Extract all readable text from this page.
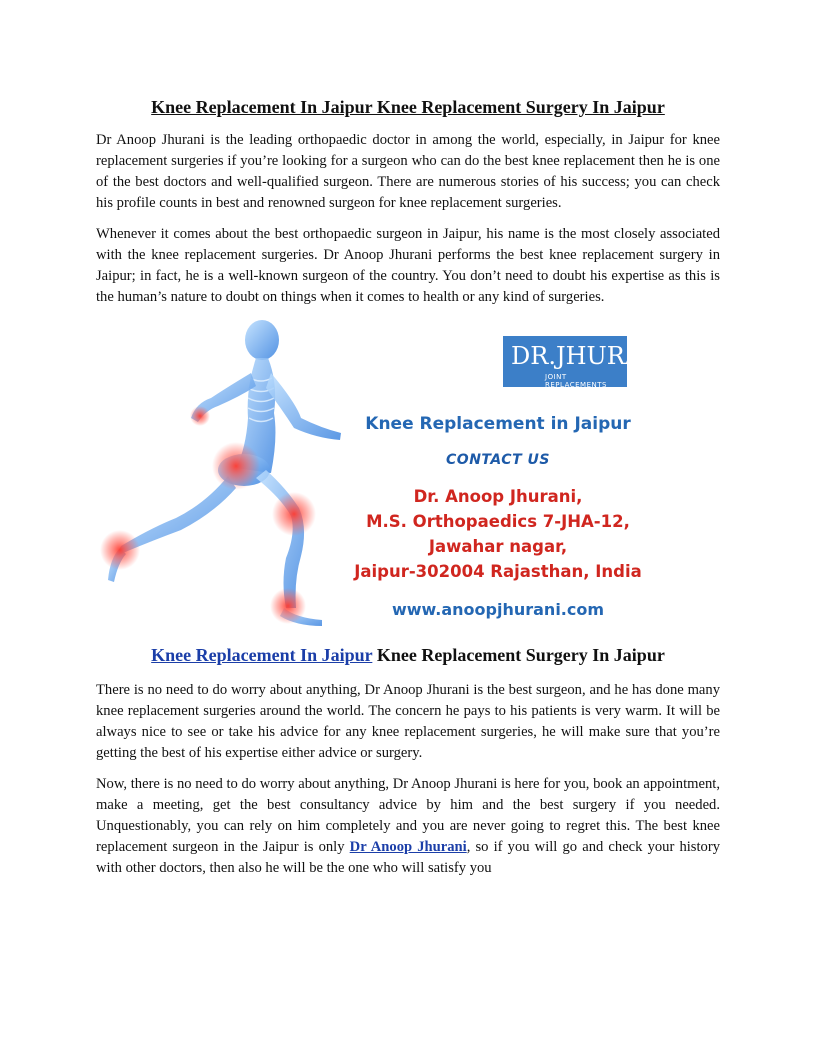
Knee Replacement In Jaipur Knee Replacement Surgery In Jaipur

Dr Anoop Jhurani is the leading orthopaedic doctor in among the world, especially, in Jaipur for knee replacement surgeries if you’re looking for a surgeon who can do the best knee replacement then he is one of the best doctors and well-qualified surgeon. There are numerous stories of his success; you can check his profile counts in best and renowned surgeon for knee replacement surgeries.

Whenever it comes about the best orthopaedic surgeon in Jaipur, his name is the most closely associated with the knee replacement surgeries. Dr Anoop Jhurani performs the best knee replacement surgery in Jaipur; in fact, he is a well-known surgeon of the country. You don’t need to doubt his expertise as this is the human’s nature to doubt on things when it comes to health or any kind of surgeries.

DR.JHURANI
JOINT REPLACEMENTS
Knee Replacement in Jaipur
CONTACT US
Dr. Anoop Jhurani,
M.S. Orthopaedics 7-JHA-12,
Jawahar nagar,
Jaipur-302004 Rajasthan, India
www.anoopjhurani.com
Knee Replacement In Jaipur Knee Replacement Surgery In Jaipur

There is no need to do worry about anything, Dr Anoop Jhurani is the best surgeon, and he has done many knee replacement surgeries around the world. The concern he pays to his patients is very warm. It will be always nice to see or take his advice for any knee replacement surgeries, he will make sure that you’re getting the best of his expertise either advice or surgery.

Now, there is no need to do worry about anything, Dr Anoop Jhurani is here for you, book an appointment, make a meeting, get the best consultancy advice by him and the best surgery if you needed. Unquestionably, you can rely on him completely and you are never going to regret this. The best knee replacement surgeon in the Jaipur is only Dr Anoop Jhurani, so if you will go and check your history with other doctors, then also he will be the one who will satisfy you
